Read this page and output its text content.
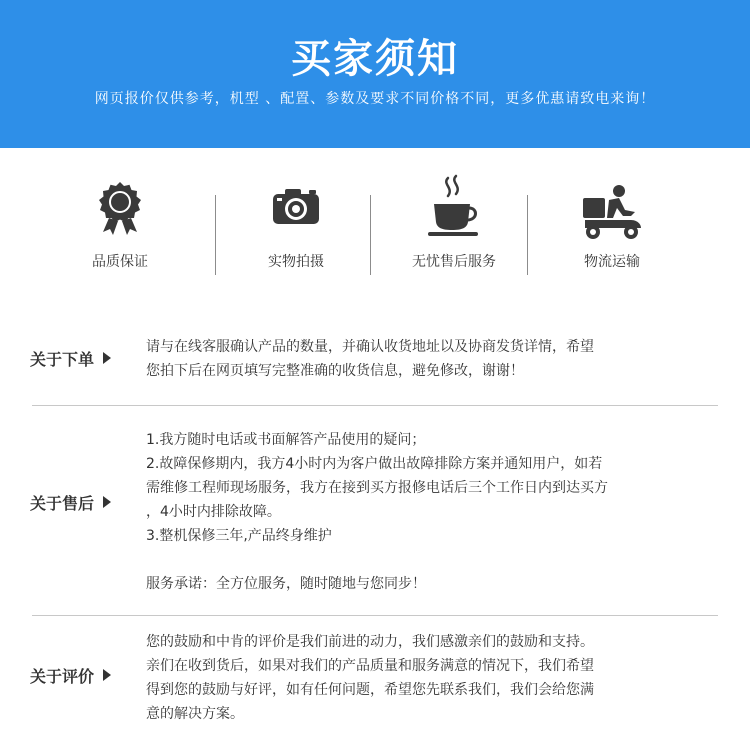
买家须知
网页报价仅供参考，机型 、配置、参数及要求不同价格不同，更多优惠请致电来询！
品质保证	实物拍摄	无忧售后服务	物流运输
关于下单

请与在线客服确认产品的数量，并确认收货地址以及协商发货详情，希望

您拍下后在网页填写完整准确的收货信息，避免修改，谢谢！

关于售后

1.我方随时电话或书面解答产品使用的疑问；

2.故障保修期内，我方4小时内为客户做出故障排除方案并通知用户，如若

需维修工程师现场服务，我方在接到买方报修电话后三个工作日内到达买方

，4小时内排除故障。

3.整机保修三年,产品终身维护

服务承诺：全方位服务，随时随地与您同步！

关于评价

您的鼓励和中肯的评价是我们前进的动力，我们感激亲们的鼓励和支持。

亲们在收到货后，如果对我们的产品质量和服务满意的情况下，我们希望

得到您的鼓励与好评，如有任何问题，希望您先联系我们，我们会给您满

意的解决方案。
